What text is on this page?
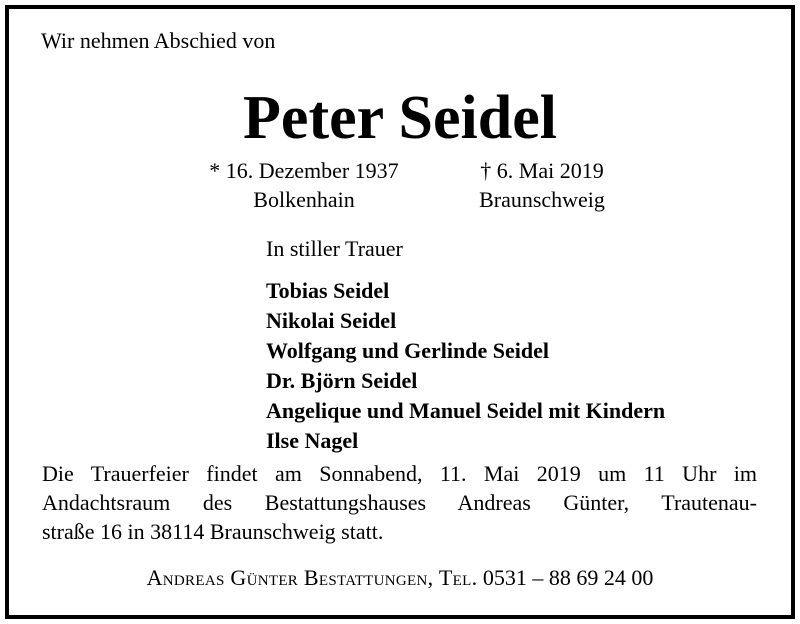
Wir nehmen Abschied von
Peter Seidel
* 16. Dezember 1937
Bolkenhain
† 6. Mai 2019
Braunschweig
In stiller Trauer
Tobias Seidel
Nikolai Seidel
Wolfgang und Gerlinde Seidel
Dr. Björn Seidel
Angelique und Manuel Seidel mit Kindern
Ilse Nagel
Die Trauerfeier findet am Sonnabend, 11. Mai 2019 um 11 Uhr im
Andachtsraum des Bestattungshauses Andreas Günter, Trautenau-
straße 16 in 38114 Braunschweig statt.
Andreas Günter Bestattungen, Tel. 0531 – 88 69 24 00
